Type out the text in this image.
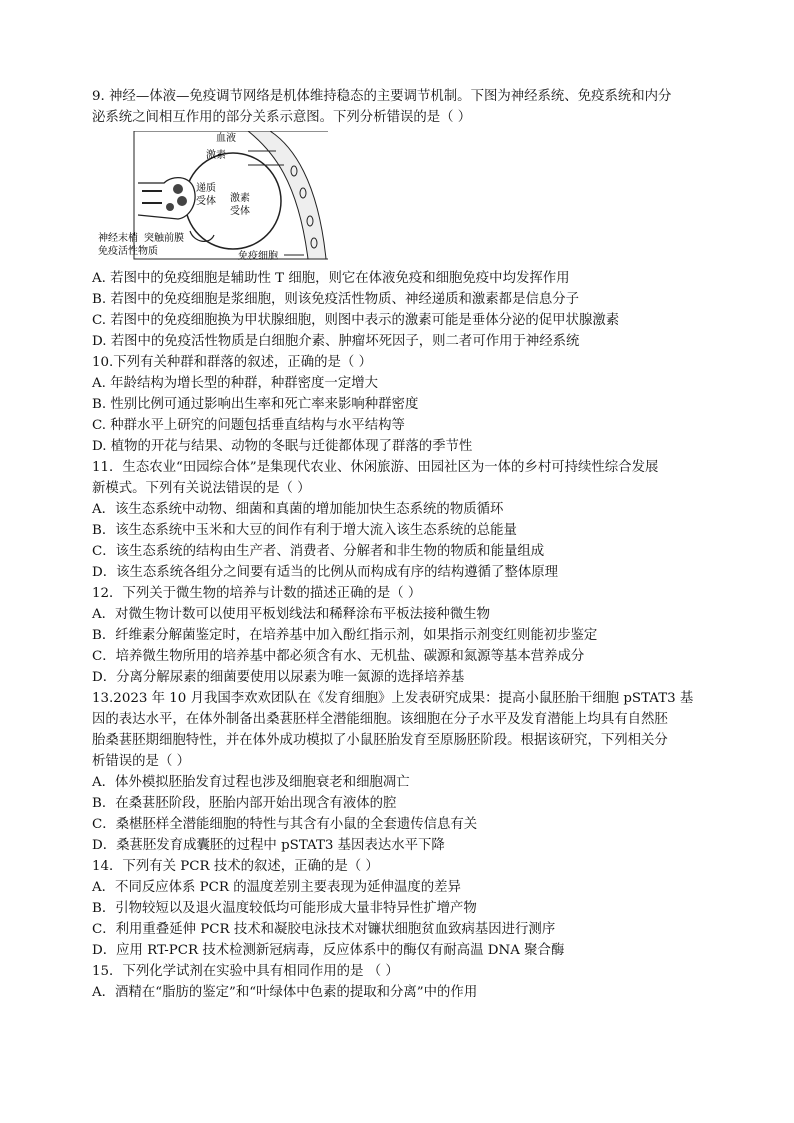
9. 神经—体液—免疫调节网络是机体维持稳态的主要调节机制。下图为神经系统、免疫系统和内分
泌系统之间相互作用的部分关系示意图。下列分析错误的是（ ）
血液
激素
递质
受体 激素
受体
神经末梢 突触前膜
免疫活性物质	免疫细胞
A. 若图中的免疫细胞是辅助性 T 细胞，则它在体液免疫和细胞免疫中均发挥作用
B. 若图中的免疫细胞是浆细胞，则该免疫活性物质、神经递质和激素都是信息分子
C. 若图中的免疫细胞换为甲状腺细胞，则图中表示的激素可能是垂体分泌的促甲状腺激素
D. 若图中的免疫活性物质是白细胞介素、肿瘤坏死因子，则二者可作用于神经系统
10.下列有关种群和群落的叙述，正确的是（ ）
A. 年龄结构为增长型的种群，种群密度一定增大
B. 性别比例可通过影响出生率和死亡率来影响种群密度
C. 种群水平上研究的问题包括垂直结构与水平结构等
D. 植物的开花与结果、动物的冬眠与迁徙都体现了群落的季节性
11．生态农业“田园综合体”是集现代农业、休闲旅游、田园社区为一体的乡村可持续性综合发展
新模式。下列有关说法错误的是（ ）
A．该生态系统中动物、细菌和真菌的增加能加快生态系统的物质循环
B．该生态系统中玉米和大豆的间作有利于增大流入该生态系统的总能量
C．该生态系统的结构由生产者、消费者、分解者和非生物的物质和能量组成
D．该生态系统各组分之间要有适当的比例从而构成有序的结构遵循了整体原理
12．下列关于微生物的培养与计数的描述正确的是（ ）
A．对微生物计数可以使用平板划线法和稀释涂布平板法接种微生物
B．纤维素分解菌鉴定时，在培养基中加入酚红指示剂，如果指示剂变红则能初步鉴定
C．培养微生物所用的培养基中都必须含有水、无机盐、碳源和氮源等基本营养成分
D．分离分解尿素的细菌要使用以尿素为唯一氮源的选择培养基
13.2023 年 10 月我国李欢欢团队在《发育细胞》上发表研究成果：提高小鼠胚胎干细胞 pSTAT3 基
因的表达水平，在体外制备出桑葚胚样全潜能细胞。该细胞在分子水平及发育潜能上均具有自然胚
胎桑葚胚期细胞特性，并在体外成功模拟了小鼠胚胎发育至原肠胚阶段。根据该研究，下列相关分
析错误的是（ ）
A．体外模拟胚胎发育过程也涉及细胞衰老和细胞凋亡
B．在桑葚胚阶段，胚胎内部开始出现含有液体的腔
C．桑椹胚样全潜能细胞的特性与其含有小鼠的全套遗传信息有关
D．桑葚胚发育成囊胚的过程中 pSTAT3 基因表达水平下降
14．下列有关 PCR 技术的叙述，正确的是（ ）
A．不同反应体系 PCR 的温度差别主要表现为延伸温度的差异
B．引物较短以及退火温度较低均可能形成大量非特异性扩增产物
C．利用重叠延伸 PCR 技术和凝胶电泳技术对镰状细胞贫血致病基因进行测序
D．应用 RT-PCR 技术检测新冠病毒，反应体系中的酶仅有耐高温 DNA 聚合酶
15．下列化学试剂在实验中具有相同作用的是 （ ）
A．酒精在“脂肪的鉴定”和“叶绿体中色素的提取和分离”中的作用
